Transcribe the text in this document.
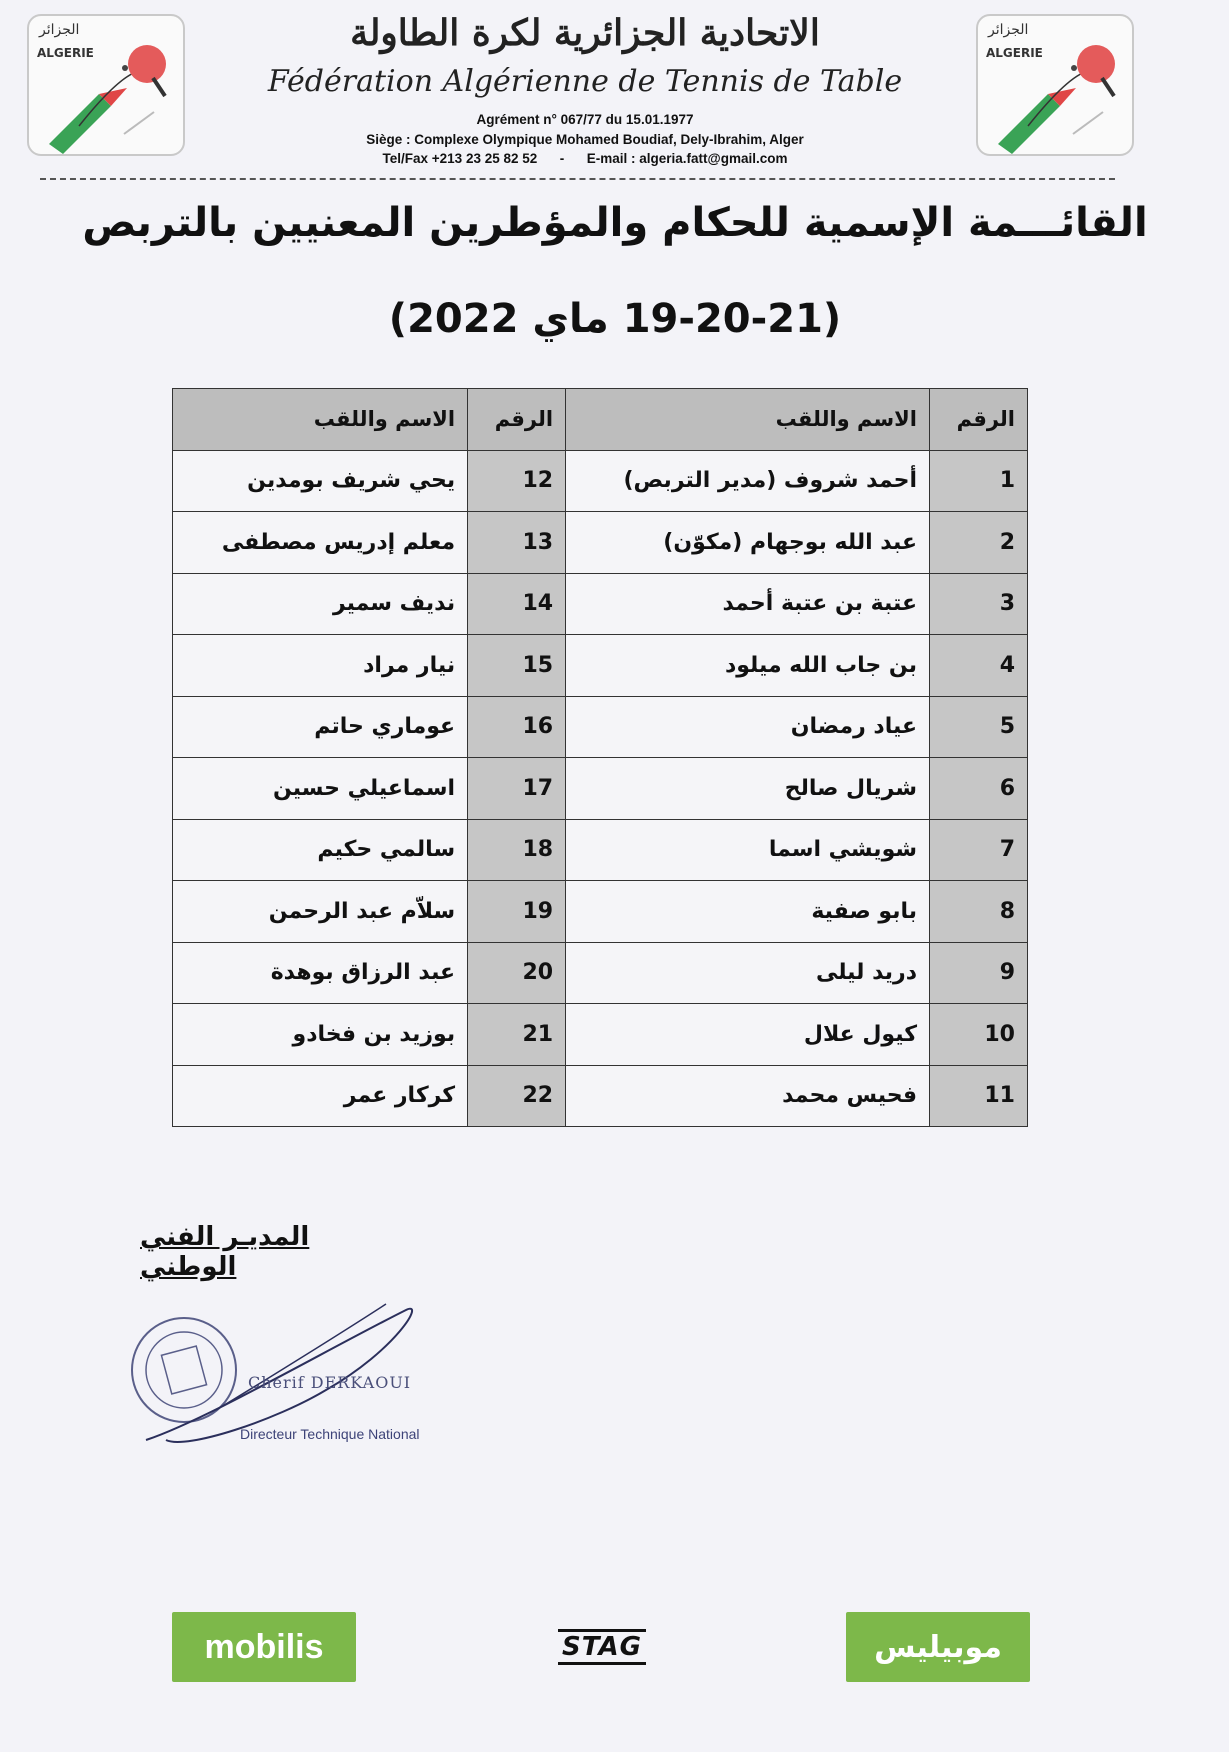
الجزائر
ALGERIE
الجزائر
ALGERIE
الاتحادية الجزائرية لكرة الطاولة
Fédération Algérienne de Tennis de Table
Agrément n° 067/77 du 15.01.1977
Siège : Complexe Olympique Mohamed Boudiaf, Dely-Ibrahim, Alger
Tel/Fax +213 23 25 82 52      -      E-mail : algeria.fatt@gmail.com
القائـــمة الإسمية للحكام والمؤطرين المعنيين بالتربص
(19-20-21 ماي 2022)
الرقم	الاسم واللقب	الرقم	الاسم واللقب
1	أحمد شروف (مدير التربص)	12	يحي شريف بومدين
2	عبد الله بوجهام (مكوّن)	13	معلم إدريس مصطفى
3	عتبة بن عتبة أحمد	14	نديف سمير
4	بن جاب الله ميلود	15	نيار مراد
5	عياد رمضان	16	عوماري حاتم
6	شريال صالح	17	اسماعيلي حسين
7	شويشي اسما	18	سالمي حكيم
8	بابو صفية	19	سلاّم عبد الرحمن
9	دريد ليلى	20	عبد الرزاق بوهدة
10	كيول علال	21	بوزيد بن فخادو
11	فحيس محمد	22	كركار عمر
المديـر الفني الوطني
Cherif DERKAOUI
Directeur Technique National
mobilis	STAG	موبيليس
